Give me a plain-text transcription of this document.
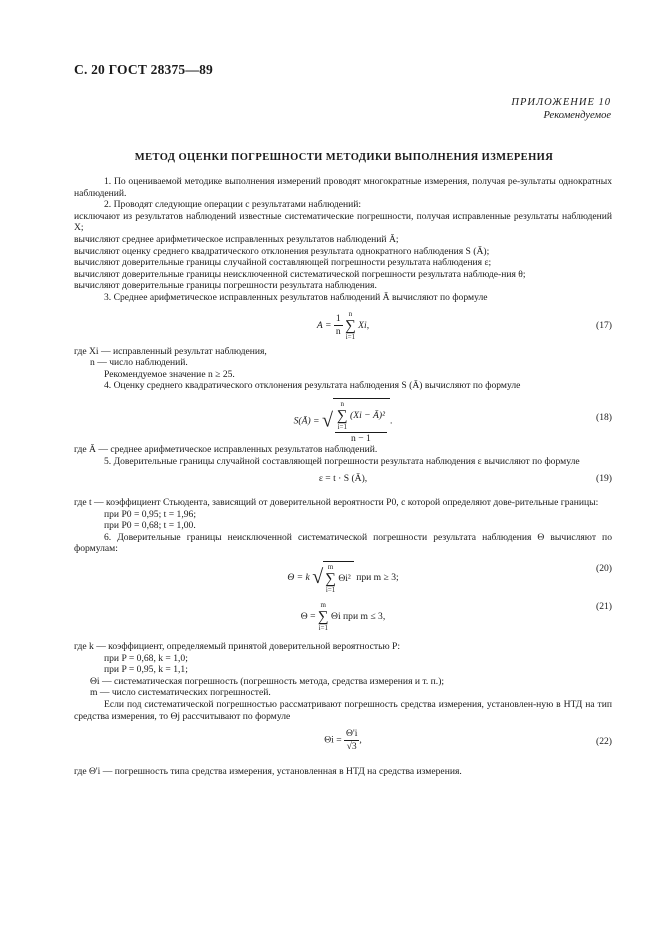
С. 20 ГОСТ 28375—89
ПРИЛОЖЕНИЕ 10
Рекомендуемое
МЕТОД ОЦЕНКИ ПОГРЕШНОСТИ МЕТОДИКИ ВЫПОЛНЕНИЯ ИЗМЕРЕНИЯ

1. По оцениваемой методике выполнения измерений проводят многократные измерения, получая ре-зультаты однократных наблюдений.

2. Проводят следующие операции с результатами наблюдений:

исключают из результатов наблюдений известные систематические погрешности, получая исправленные результаты наблюдений X;

вычисляют среднее арифметическое исправленных результатов наблюдений Ā;

вычисляют оценку среднего квадратического отклонения результата однократного наблюдения S (Ā);

вычисляют доверительные границы случайной составляющей погрешности результата наблюдения ε;

вычисляют доверительные границы неисключенной систематической погрешности результата наблюде-ния θ;

вычисляют доверительные границы погрешности результата наблюдения.

3. Среднее арифметическое исправленных результатов наблюдений Ā вычисляют по формуле

$A = \frac{1}{n}$
n
∑
i=1
Xi,	(17)

где Xi — исправленный результат наблюдения,

n — число наблюдений.

Рекомендуемое значение n ≥ 25.

4. Оценку среднего квадратического отклонения результата наблюдения S (Ā) вычисляют по формуле

S(Ā) = √ n
∑
i=1
(Xi − Ā)²
n − 1 .	(18)

где Ā — среднее арифметическое исправленных результатов наблюдений.

5. Доверительные границы случайной составляющей погрешности результата наблюдения ε вычисляют по формуле

ε = t · S (Ā),	(19)

где t — коэффициент Стьюдента, зависящий от доверительной вероятности P0, с которой определяют дове-рительные границы:

при P0 = 0,95; t = 1,96;

при P0 = 0,68; t = 1,00.

6. Доверительные границы неисключенной систематической погрешности результата наблюдения Θ вычисляют по формулам:

Θ = k √ m
∑
i=1
Θi² при m ≥ 3;
(20)
Θ =
m
∑
i=1
Θi при m ≤ 3,
(21)

где k — коэффициент, определяемый принятой доверительной вероятностью P:

при P = 0,68, k = 1,0;

при P = 0,95, k = 1,1;

Θi — систематическая погрешность (погрешность метода, средства измерения и т. п.);

m — число систематических погрешностей.

Если под систематической погрешностью рассматривают погрешность средства измерения, установлен-ную в НТД на тип средства измерения, то Θj рассчитывают по формуле

$\Theta i = \frac{\Theta'i}{√3}$ ,	(22)

где Θ'i — погрешность типа средства измерения, установленная в НТД на средства измерения.
